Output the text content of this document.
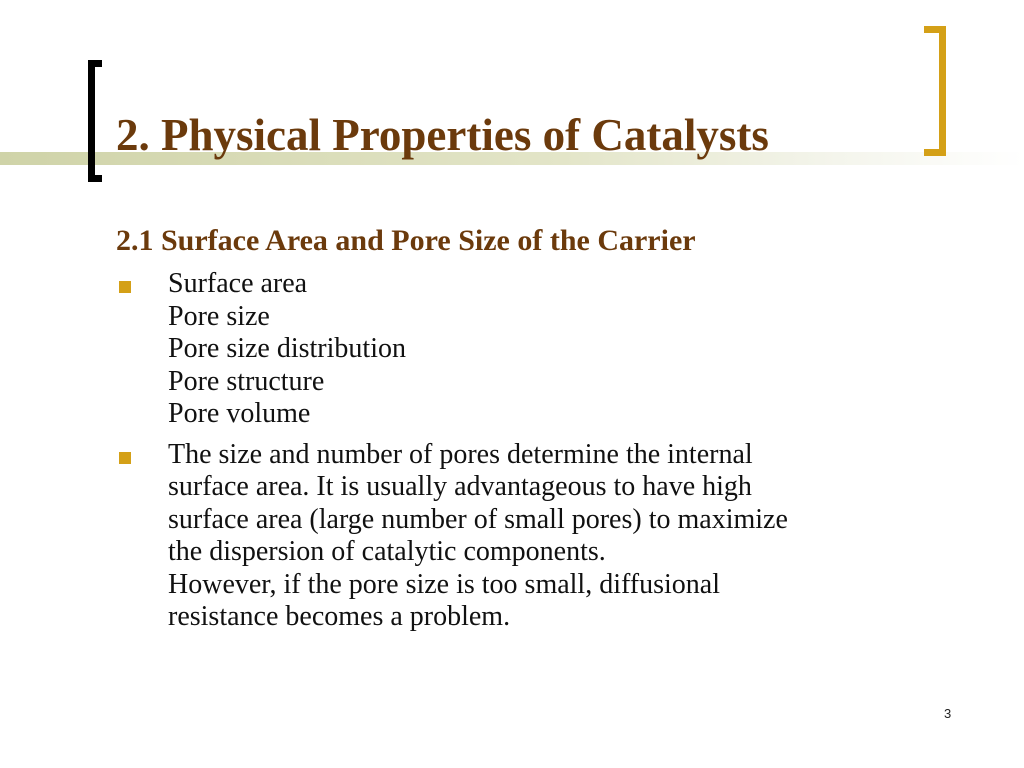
2. Physical Properties of Catalysts
2.1 Surface Area and Pore Size of the Carrier
Surface area
Pore size
Pore size distribution
Pore structure
Pore volume
The size and number of pores determine the internal
surface area. It is usually advantageous to have high
surface area (large number of small pores) to maximize
the dispersion of catalytic components.
However, if the pore size is too small, diffusional
resistance becomes a problem.
3
